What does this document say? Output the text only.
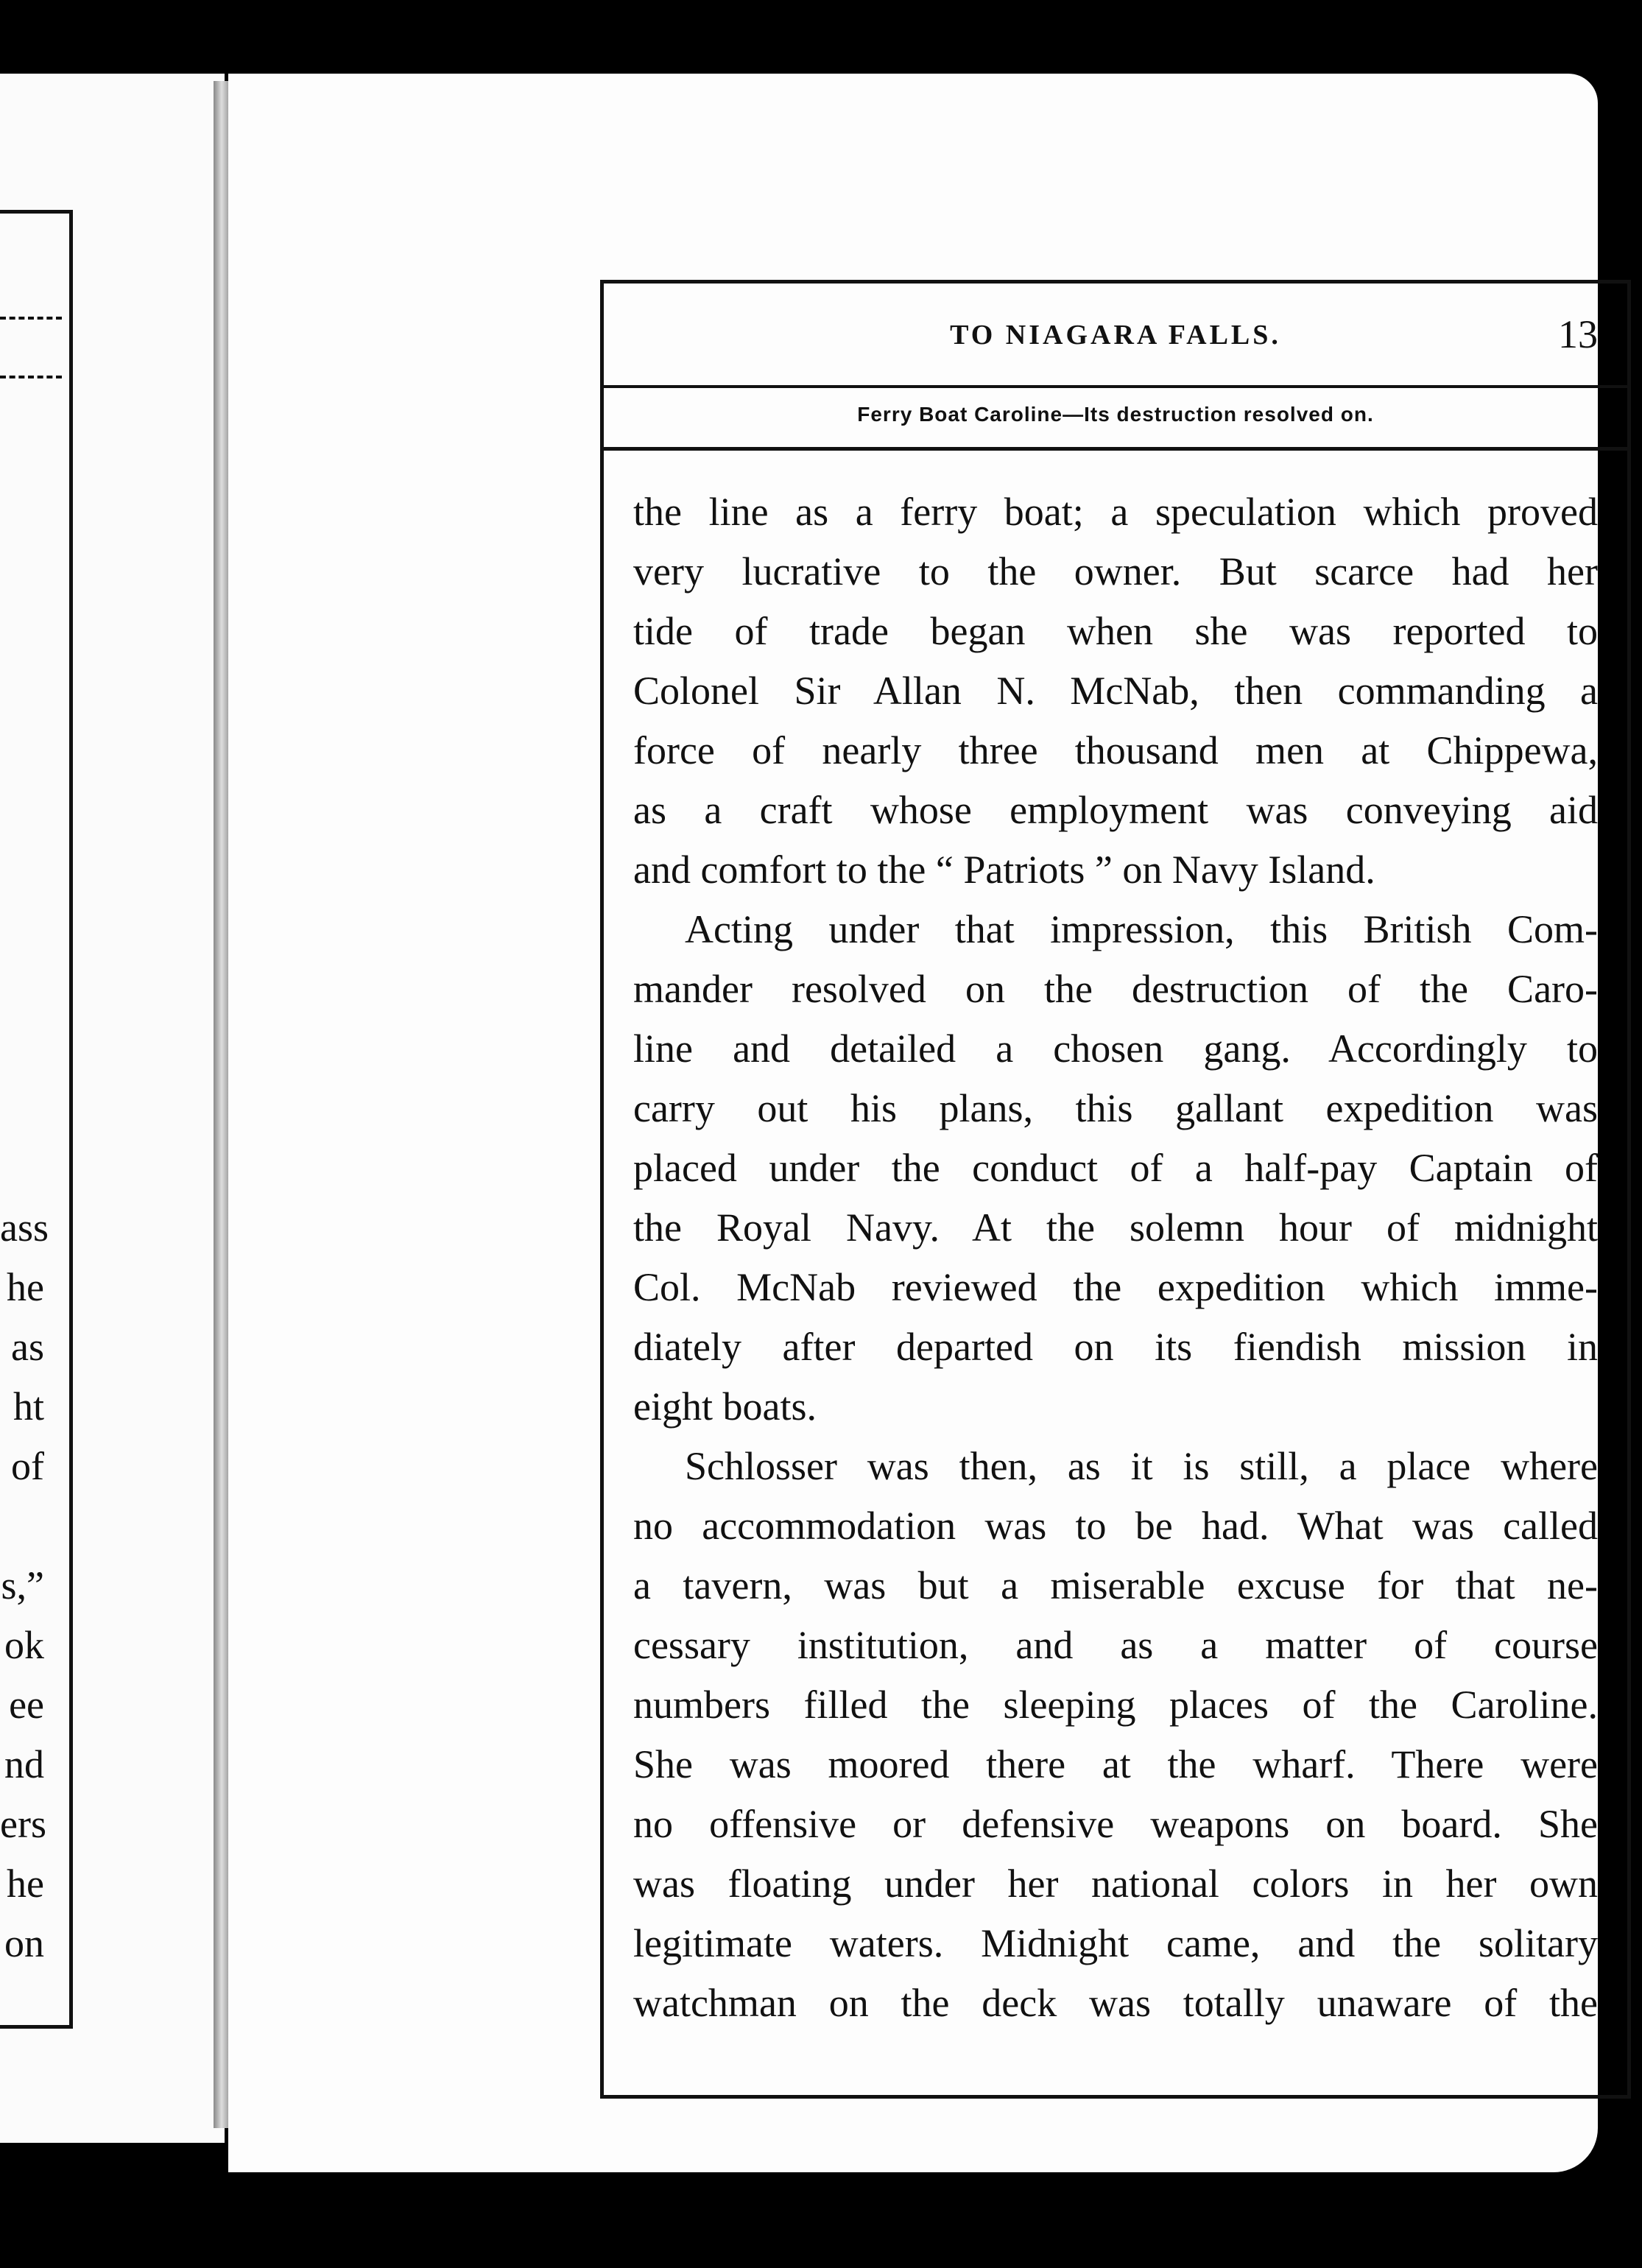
ass
he
as
ht
of
s,”
ok
ee
nd
ers
he
on
TO NIAGARA FALLS.	13
Ferry Boat Caroline—Its destruction resolved on.
the line as a ferry boat; a speculation which proved
very lucrative to the owner. But scarce had her
tide of trade began when she was reported to
Colonel Sir Allan N. McNab, then commanding a
force of nearly three thousand men at Chippewa,
as a craft whose employment was conveying aid
and comfort to the “ Patriots ” on Navy Island.
Acting under that impression, this British Com-
mander resolved on the destruction of the Caro-
line and detailed a chosen gang. Accordingly to
carry out his plans, this gallant expedition was
placed under the conduct of a half-pay Captain of
the Royal Navy. At the solemn hour of midnight
Col. McNab reviewed the expedition which imme-
diately after departed on its fiendish mission in
eight boats.
Schlosser was then, as it is still, a place where
no accommodation was to be had. What was called
a tavern, was but a miserable excuse for that ne-
cessary institution, and as a matter of course
numbers filled the sleeping places of the Caroline.
She was moored there at the wharf. There were
no offensive or defensive weapons on board. She
was floating under her national colors in her own
legitimate waters. Midnight came, and the solitary
watchman on the deck was totally unaware of the
